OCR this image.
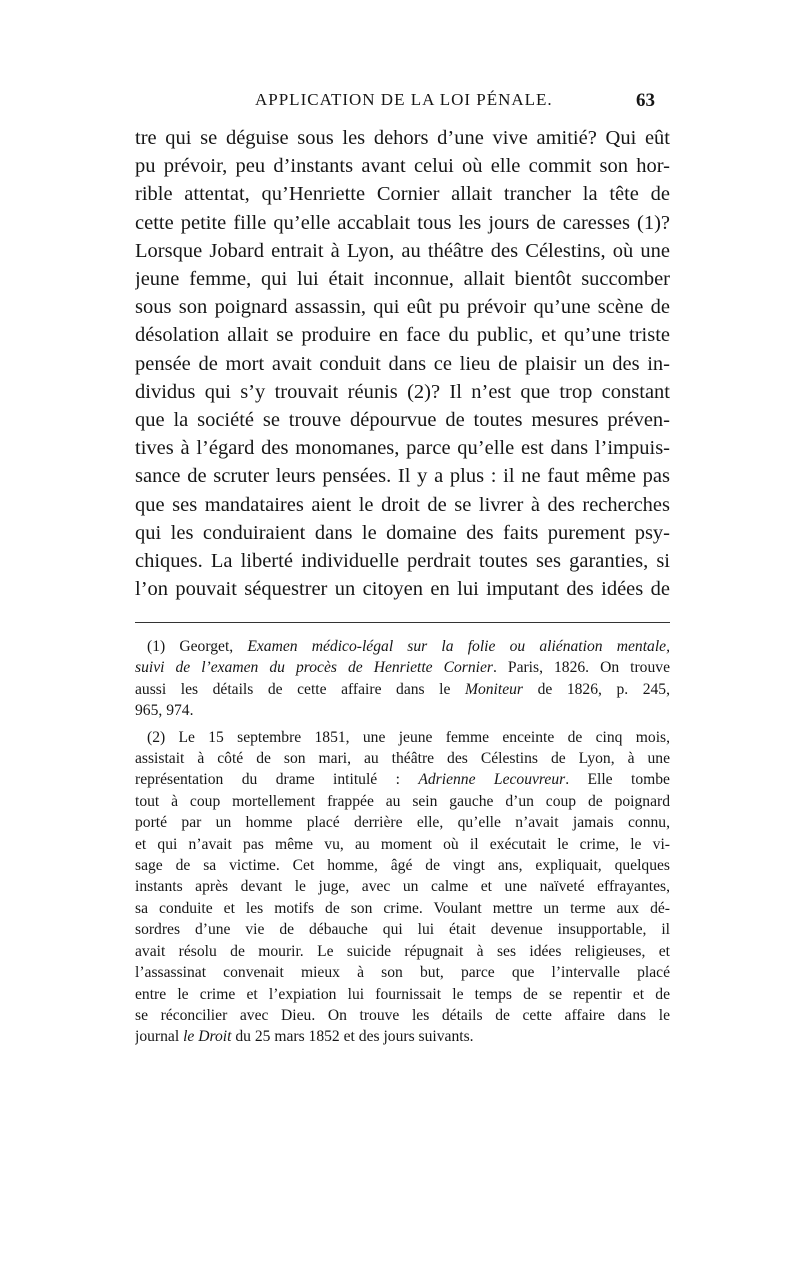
APPLICATION DE LA LOI PÉNALE.	63
tre qui se déguise sous les dehors d’une vive amitié? Qui eût
pu prévoir, peu d’instants avant celui où elle commit son hor-
rible attentat, qu’Henriette Cornier allait trancher la tête de
cette petite fille qu’elle accablait tous les jours de caresses (1)?
Lorsque Jobard entrait à Lyon, au théâtre des Célestins, où une
jeune femme, qui lui était inconnue, allait bientôt succomber
sous son poignard assassin, qui eût pu prévoir qu’une scène de
désolation allait se produire en face du public, et qu’une triste
pensée de mort avait conduit dans ce lieu de plaisir un des in-
dividus qui s’y trouvait réunis (2)? Il n’est que trop constant
que la société se trouve dépourvue de toutes mesures préven-
tives à l’égard des monomanes, parce qu’elle est dans l’impuis-
sance de scruter leurs pensées. Il y a plus : il ne faut même pas
que ses mandataires aient le droit de se livrer à des recherches
qui les conduiraient dans le domaine des faits purement psy-
chiques. La liberté individuelle perdrait toutes ses garanties, si
l’on pouvait séquestrer un citoyen en lui imputant des idées de
(1) Georget, Examen médico-légal sur la folie ou aliénation mentale,
suivi de l’examen du procès de Henriette Cornier. Paris, 1826. On trouve
aussi les détails de cette affaire dans le Moniteur de 1826, p. 245,
965, 974.
(2) Le 15 septembre 1851, une jeune femme enceinte de cinq mois,
assistait à côté de son mari, au théâtre des Célestins de Lyon, à une
représentation du drame intitulé : Adrienne Lecouvreur. Elle tombe
tout à coup mortellement frappée au sein gauche d’un coup de poignard
porté par un homme placé derrière elle, qu’elle n’avait jamais connu,
et qui n’avait pas même vu, au moment où il exécutait le crime, le vi-
sage de sa victime. Cet homme, âgé de vingt ans, expliquait, quelques
instants après devant le juge, avec un calme et une naïveté effrayantes,
sa conduite et les motifs de son crime. Voulant mettre un terme aux dé-
sordres d’une vie de débauche qui lui était devenue insupportable, il
avait résolu de mourir. Le suicide répugnait à ses idées religieuses, et
l’assassinat convenait mieux à son but, parce que l’intervalle placé
entre le crime et l’expiation lui fournissait le temps de se repentir et de
se réconcilier avec Dieu. On trouve les détails de cette affaire dans le
journal le Droit du 25 mars 1852 et des jours suivants.
